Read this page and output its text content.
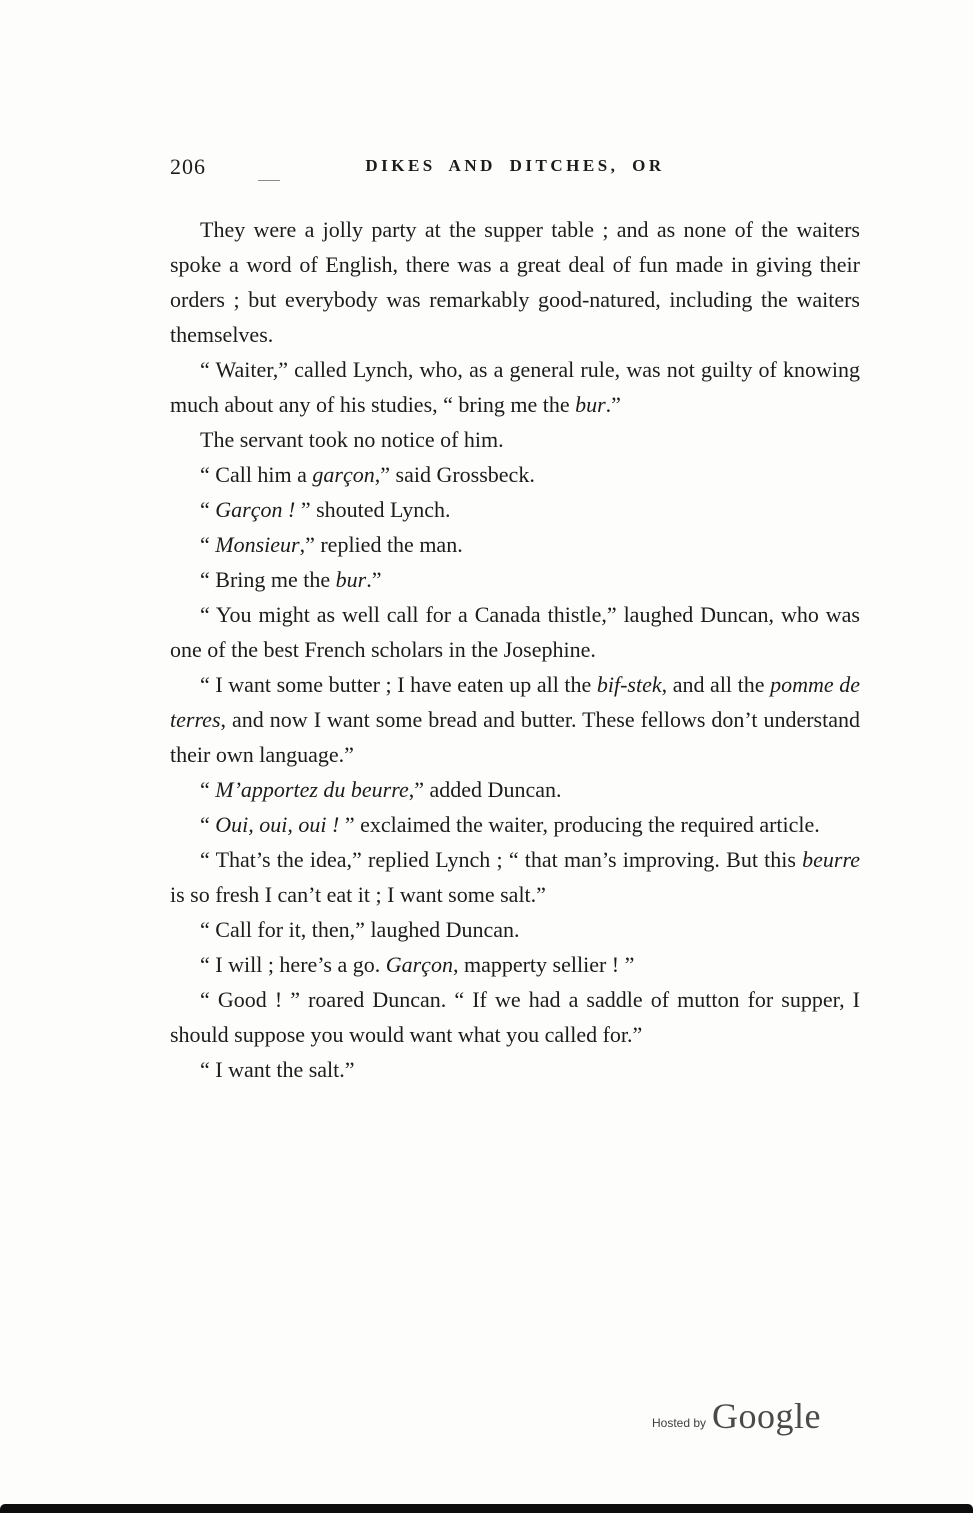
206	DIKES AND DITCHES, OR

They were a jolly party at the supper table ; and as none of the waiters spoke a word of English, there was a great deal of fun made in giving their orders ; but everybody was remarkably good-natured, including the waiters themselves.

“ Waiter,” called Lynch, who, as a general rule, was not guilty of knowing much about any of his studies, “ bring me the bur.”

The servant took no notice of him.

“ Call him a garçon,” said Grossbeck.

“ Garçon ! ” shouted Lynch.

“ Monsieur,” replied the man.

“ Bring me the bur.”

“ You might as well call for a Canada thistle,” laughed Duncan, who was one of the best French scholars in the Josephine.

“ I want some butter ; I have eaten up all the bif-stek, and all the pomme de terres, and now I want some bread and butter. These fellows don’t understand their own language.”

“ M’apportez du beurre,” added Duncan.

“ Oui, oui, oui ! ” exclaimed the waiter, producing the required article.

“ That’s the idea,” replied Lynch ; “ that man’s improving. But this beurre is so fresh I can’t eat it ; I want some salt.”

“ Call for it, then,” laughed Duncan.

“ I will ; here’s a go. Garçon, mapperty sellier ! ”

“ Good ! ” roared Duncan. “ If we had a saddle of mutton for supper, I should suppose you would want what you called for.”

“ I want the salt.”

Hosted by Google
